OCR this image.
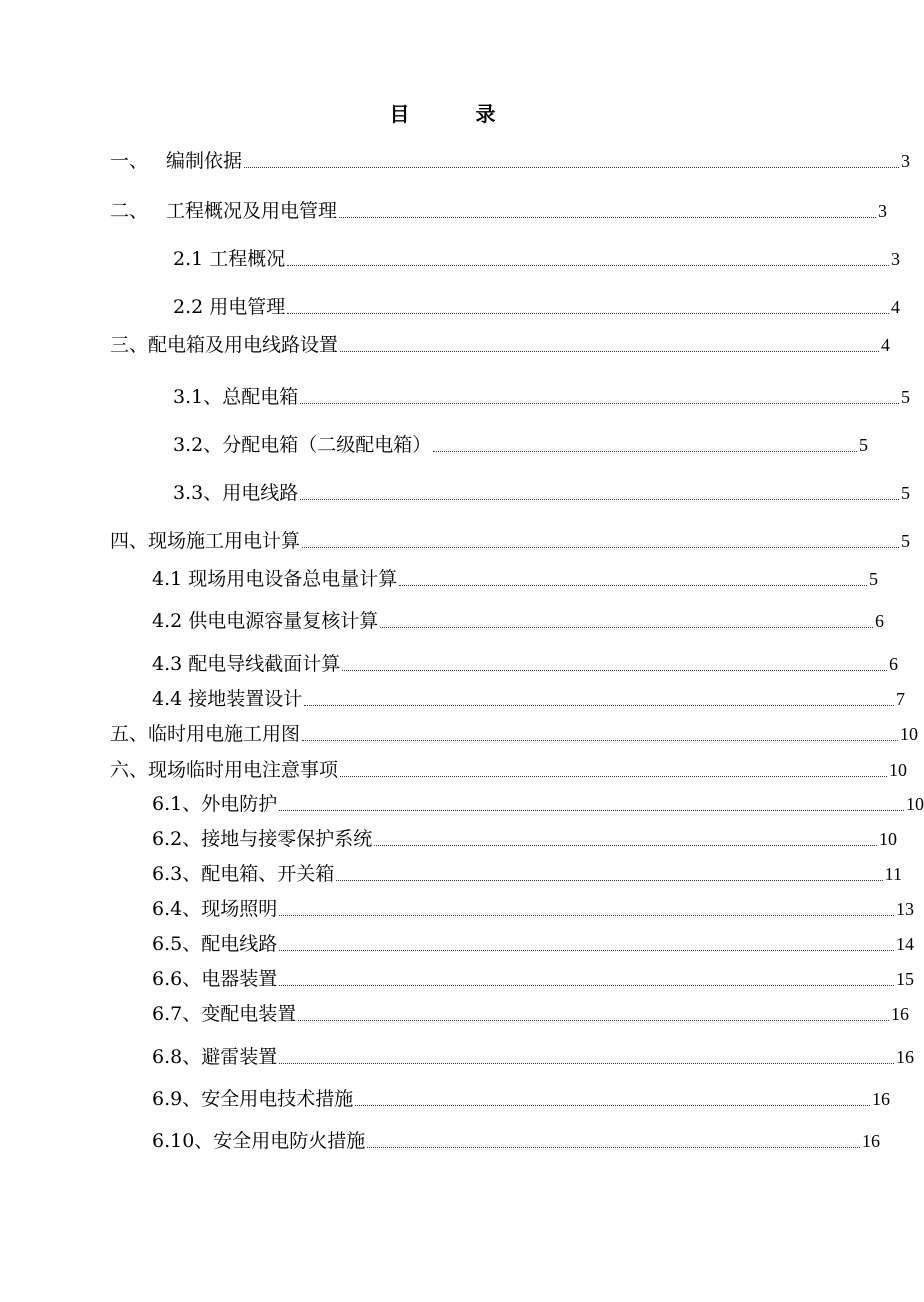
目	录
一、 编制依据	3
二、 工程概况及用电管理	3
2.1 工程概况	3
2.2 用电管理	4
三、配电箱及用电线路设置	4
3.1、总配电箱	5
3.2、分配电箱（二级配电箱）	5
3.3、用电线路	5
四、现场施工用电计算	5
4.1 现场用电设备总电量计算	5
4.2 供电电源容量复核计算	6
4.3 配电导线截面计算	6
4.4 接地装置设计	7
五、临时用电施工用图	10
六、现场临时用电注意事项	10
6.1、外电防护	10
6.2、接地与接零保护系统	10
6.3、配电箱、开关箱	11
6.4、现场照明	13
6.5、配电线路	14
6.6、电器装置	15
6.7、变配电装置	16
6.8、避雷装置	16
6.9、安全用电技术措施	16
6.10、安全用电防火措施	16
